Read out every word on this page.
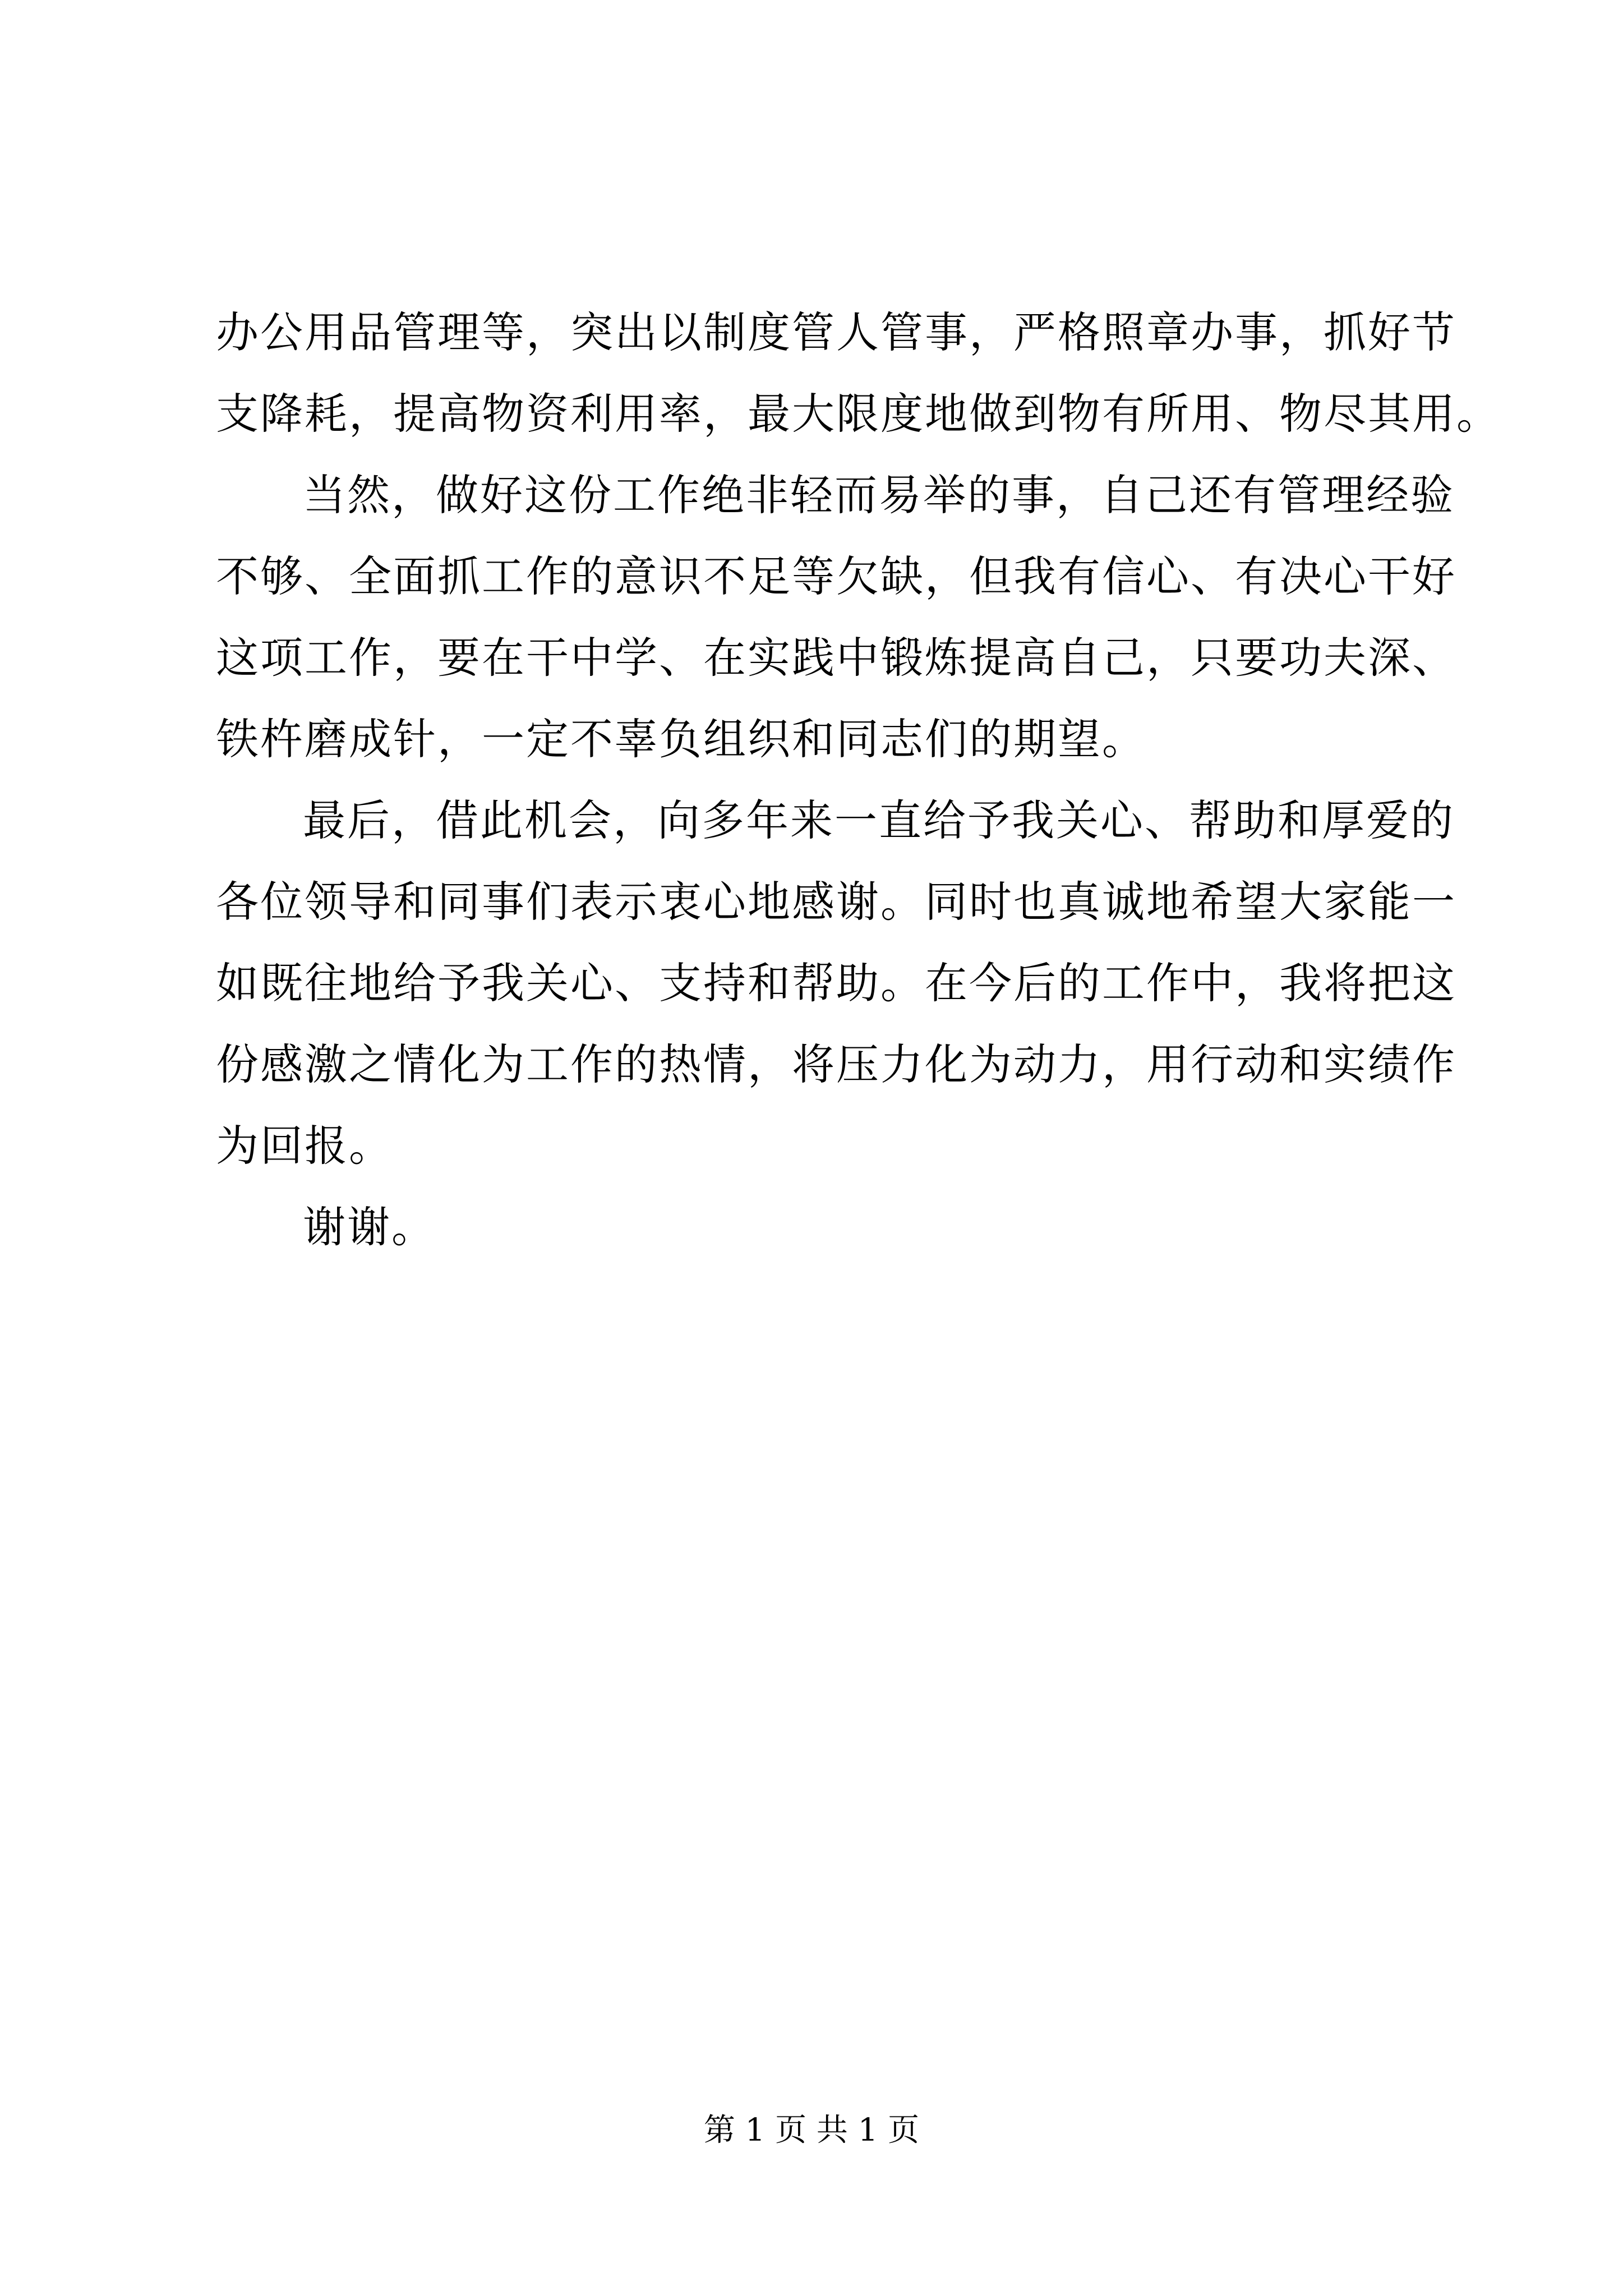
办公用品管理等，突出以制度管人管事，严格照章办事，抓好节
支降耗，提高物资利用率，最大限度地做到物有所用、物尽其用。
当然，做好这份工作绝非轻而易举的事，自己还有管理经验
不够、全面抓工作的意识不足等欠缺，但我有信心、有决心干好
这项工作，要在干中学、在实践中锻炼提高自己，只要功夫深、
铁杵磨成针，一定不辜负组织和同志们的期望。
最后，借此机会，向多年来一直给予我关心、帮助和厚爱的
各位领导和同事们表示衷心地感谢。同时也真诚地希望大家能一
如既往地给予我关心、支持和帮助。在今后的工作中，我将把这
份感激之情化为工作的热情，将压力化为动力，用行动和实绩作
为回报。
谢谢。
第 1 页 共 1 页
